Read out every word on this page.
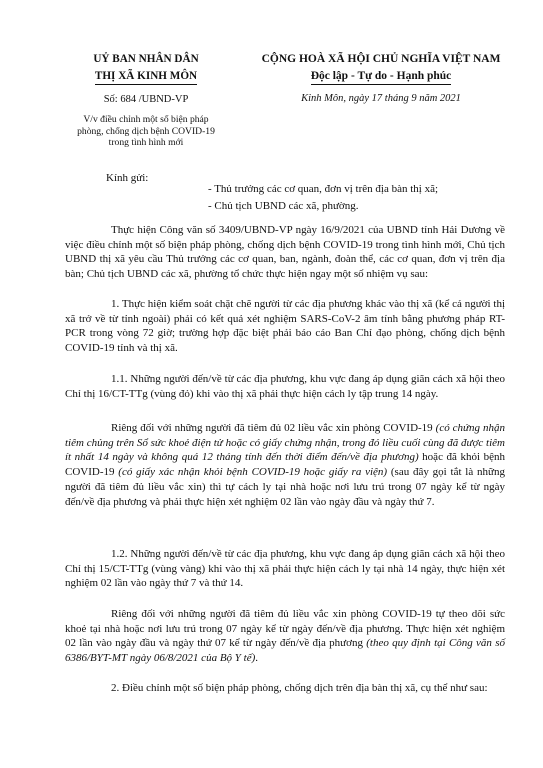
UỶ BAN NHÂN DÂN
THỊ XÃ KINH MÔN
CỘNG HOÀ XÃ HỘI CHỦ NGHĨA VIỆT NAM
Độc lập - Tự do - Hạnh phúc
Số: 684 /UBND-VP
V/v điều chỉnh một số biện pháp
phòng, chống dịch bệnh COVID-19
trong tình hình mới
Kinh Môn, ngày 17 tháng 9 năm 2021
Kính gửi:
- Thủ trưởng các cơ quan, đơn vị trên địa bàn thị xã;
- Chủ tịch UBND các xã, phường.

Thực hiện Công văn số 3409/UBND-VP ngày 16/9/2021 của UBND tỉnh Hải Dương về việc điều chỉnh một số biện pháp phòng, chống dịch bệnh COVID-19 trong tình hình mới, Chủ tịch UBND thị xã yêu cầu Thủ trưởng các cơ quan, ban, ngành, đoàn thể, các cơ quan, đơn vị trên địa bàn; Chủ tịch UBND các xã, phường tổ chức thực hiện ngay một số nhiệm vụ sau:

1. Thực hiện kiểm soát chặt chẽ người từ các địa phương khác vào thị xã (kể cả người thị xã trở về từ tỉnh ngoài) phải có kết quả xét nghiệm SARS-CoV-2 âm tính bằng phương pháp RT-PCR trong vòng 72 giờ; trường hợp đặc biệt phải báo cáo Ban Chỉ đạo phòng, chống dịch bệnh COVID-19 tỉnh và thị xã.

1.1. Những người đến/về từ các địa phương, khu vực đang áp dụng giãn cách xã hội theo Chỉ thị 16/CT-TTg (vùng đỏ) khi vào thị xã phải thực hiện cách ly tập trung 14 ngày.

Riêng đối với những người đã tiêm đủ 02 liều vắc xin phòng COVID-19 (có chứng nhận tiêm chủng trên Sổ sức khoẻ điện tử hoặc có giấy chứng nhận, trong đó liều cuối cùng đã được tiêm ít nhất 14 ngày và không quá 12 tháng tính đến thời điểm đến/về địa phương) hoặc đã khỏi bệnh COVID-19 (có giấy xác nhận khỏi bệnh COVID-19 hoặc giấy ra viện) (sau đây gọi tắt là những người đã tiêm đủ liều vắc xin) thì tự cách ly tại nhà hoặc nơi lưu trú trong 07 ngày kể từ ngày đến/về địa phương và phải thực hiện xét nghiệm 02 lần vào ngày đầu và ngày thứ 7.

1.2. Những người đến/về từ các địa phương, khu vực đang áp dụng giãn cách xã hội theo Chỉ thị 15/CT-TTg (vùng vàng) khi vào thị xã phải thực hiện cách ly tại nhà 14 ngày, thực hiện xét nghiệm 02 lần vào ngày thứ 7 và thứ 14.

Riêng đối với những người đã tiêm đủ liều vắc xin phòng COVID-19 tự theo dõi sức khoẻ tại nhà hoặc nơi lưu trú trong 07 ngày kể từ ngày đến/về địa phương. Thực hiện xét nghiệm 02 lần vào ngày đầu và ngày thứ 07 kể từ ngày đến/về địa phương (theo quy định tại Công văn số 6386/BYT-MT ngày 06/8/2021 của Bộ Y tế).

2. Điều chỉnh một số biện pháp phòng, chống dịch trên địa bàn thị xã, cụ thể như sau:
